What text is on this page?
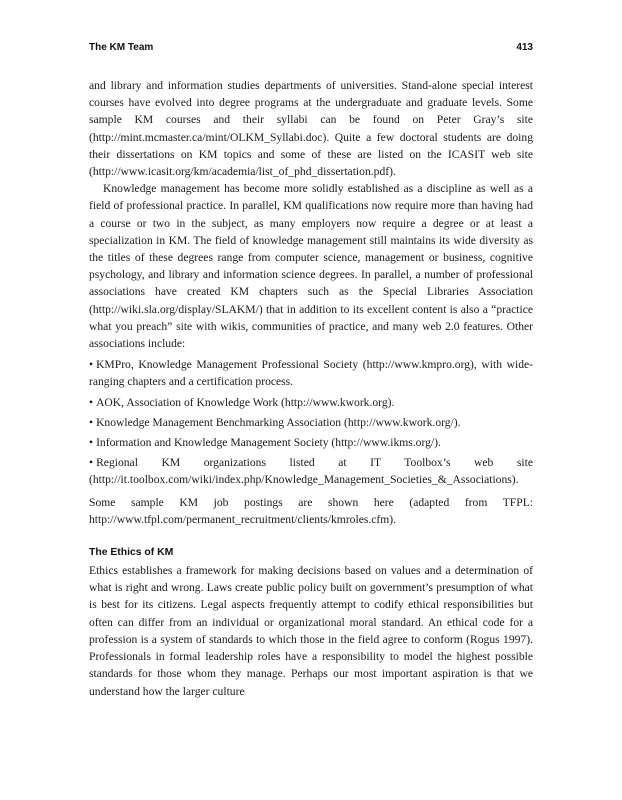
The KM Team	413

and library and information studies departments of universities. Stand-alone special interest courses have evolved into degree programs at the undergraduate and graduate levels. Some sample KM courses and their syllabi can be found on Peter Gray’s site (http://mint.mcmaster.ca/mint/OLKM_Syllabi.doc). Quite a few doctoral students are doing their dissertations on KM topics and some of these are listed on the ICASIT web site (http://www.icasit.org/km/academia/list_of_phd_dissertation.pdf).

Knowledge management has become more solidly established as a discipline as well as a field of professional practice. In parallel, KM qualifications now require more than having had a course or two in the subject, as many employers now require a degree or at least a specialization in KM. The field of knowledge management still maintains its wide diversity as the titles of these degrees range from computer science, management or business, cognitive psychology, and library and information science degrees. In parallel, a number of professional associations have created KM chapters such as the Special Libraries Association (http://wiki.sla.org/display/SLAKM/) that in addition to its excellent content is also a “practice what you preach” site with wikis, communities of practice, and many web 2.0 features. Other associations include:

• KMPro, Knowledge Management Professional Society (http://www.kmpro.org), with wide-ranging chapters and a certification process.
• AOK, Association of Knowledge Work (http://www.kwork.org).
• Knowledge Management Benchmarking Association (http://www.kwork.org/).
• Information and Knowledge Management Society (http://www.ikms.org/).
• Regional KM organizations listed at IT Toolbox’s web site (http://it.toolbox.com/wiki/index.php/Knowledge_Management_Societies_&_Associations).

Some sample KM job postings are shown here (adapted from TFPL: http://www.tfpl.com/permanent_recruitment/clients/kmroles.cfm).

The Ethics of KM

Ethics establishes a framework for making decisions based on values and a determination of what is right and wrong. Laws create public policy built on government’s presumption of what is best for its citizens. Legal aspects frequently attempt to codify ethical responsibilities but often can differ from an individual or organizational moral standard. An ethical code for a profession is a system of standards to which those in the field agree to conform (Rogus 1997). Professionals in formal leadership roles have a responsibility to model the highest possible standards for those whom they manage. Perhaps our most important aspiration is that we understand how the larger culture
